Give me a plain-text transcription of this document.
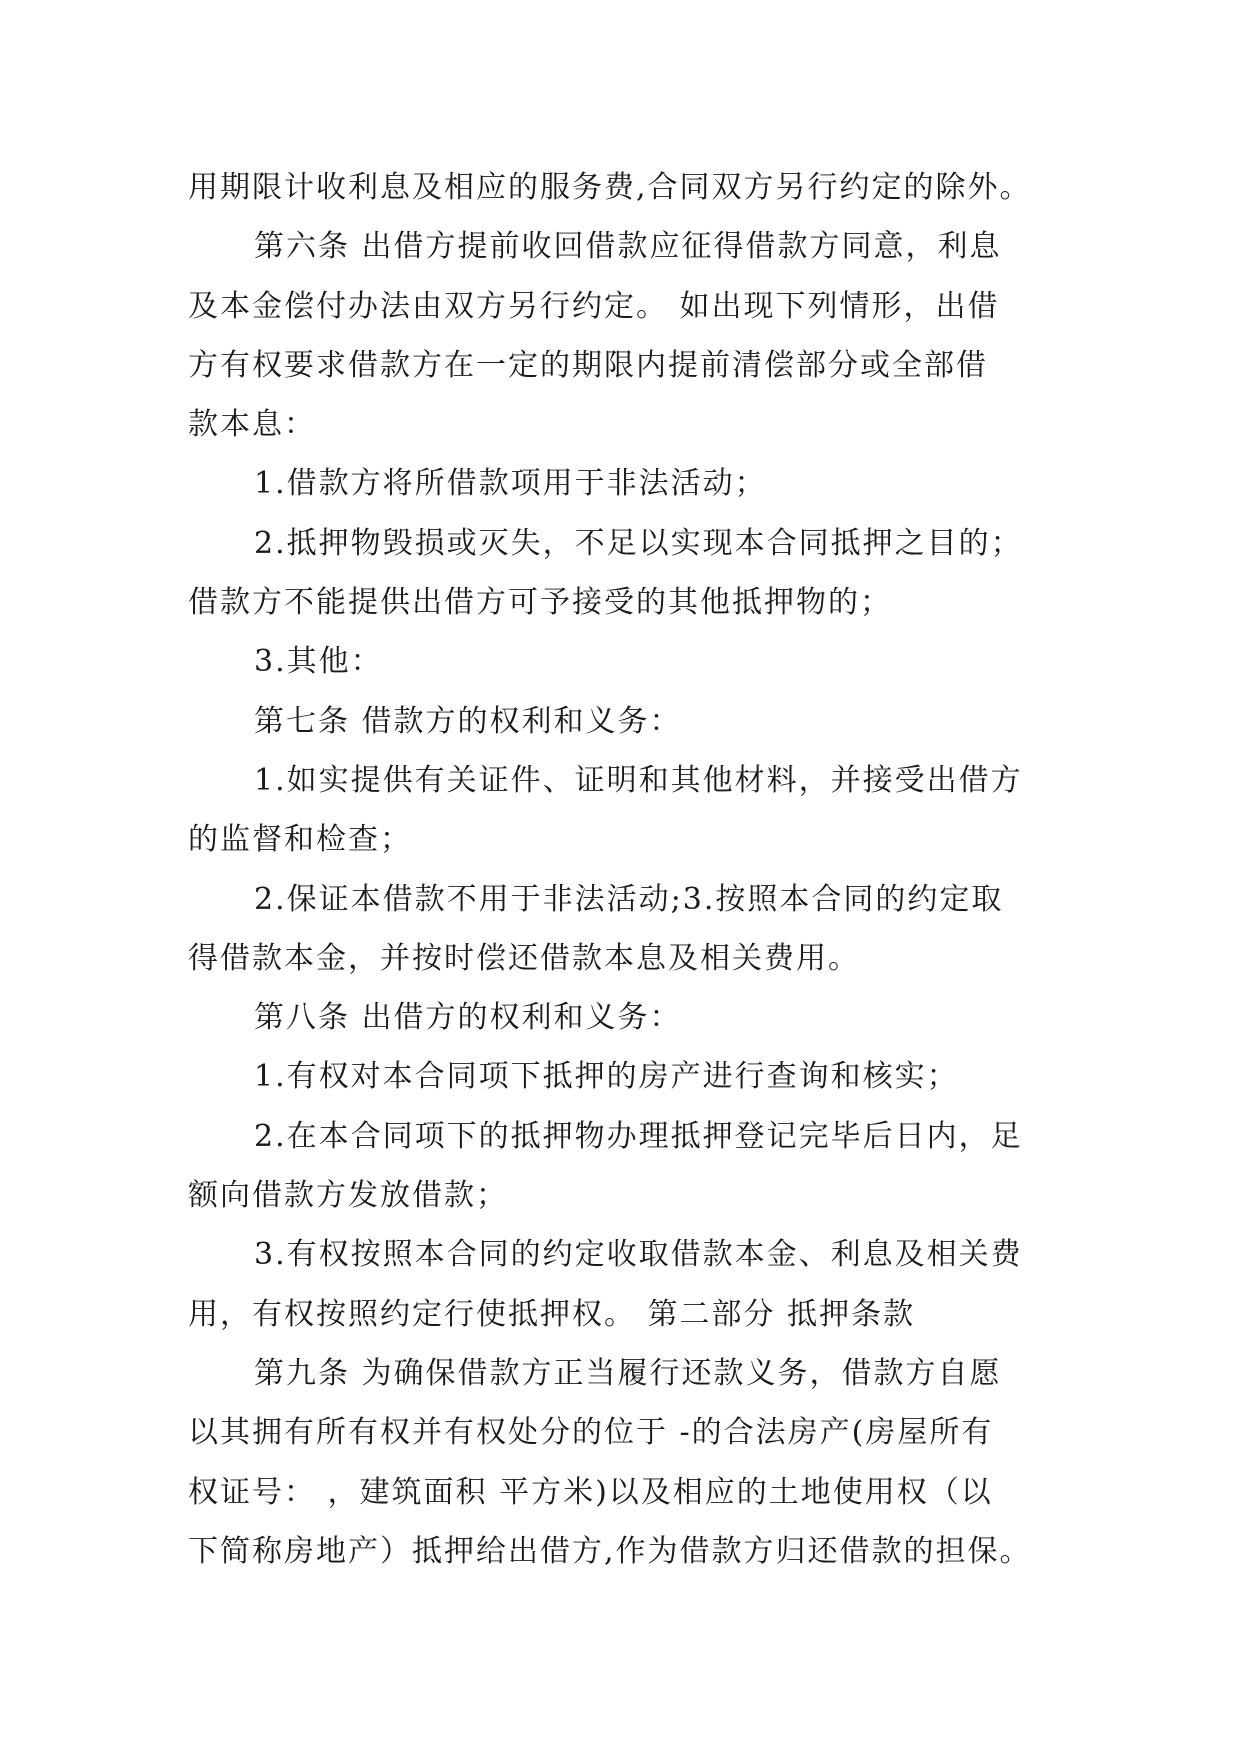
用期限计收利息及相应的服务费,合同双方另行约定的除外。
第六条 出借方提前收回借款应征得借款方同意，利息
及本金偿付办法由双方另行约定。 如出现下列情形，出借
方有权要求借款方在一定的期限内提前清偿部分或全部借
款本息：
1.借款方将所借款项用于非法活动；
2.抵押物毁损或灭失，不足以实现本合同抵押之目的；
借款方不能提供出借方可予接受的其他抵押物的；
3.其他：
第七条 借款方的权利和义务：
1.如实提供有关证件、证明和其他材料，并接受出借方
的监督和检查；
2.保证本借款不用于非法活动;3.按照本合同的约定取
得借款本金，并按时偿还借款本息及相关费用。
第八条 出借方的权利和义务：
1.有权对本合同项下抵押的房产进行查询和核实；
2.在本合同项下的抵押物办理抵押登记完毕后日内，足
额向借款方发放借款；
3.有权按照本合同的约定收取借款本金、利息及相关费
用，有权按照约定行使抵押权。 第二部分 抵押条款
第九条 为确保借款方正当履行还款义务，借款方自愿
以其拥有所有权并有权处分的位于 -的合法房产(房屋所有
权证号： ，建筑面积 平方米)以及相应的土地使用权（以
下简称房地产）抵押给出借方,作为借款方归还借款的担保。
